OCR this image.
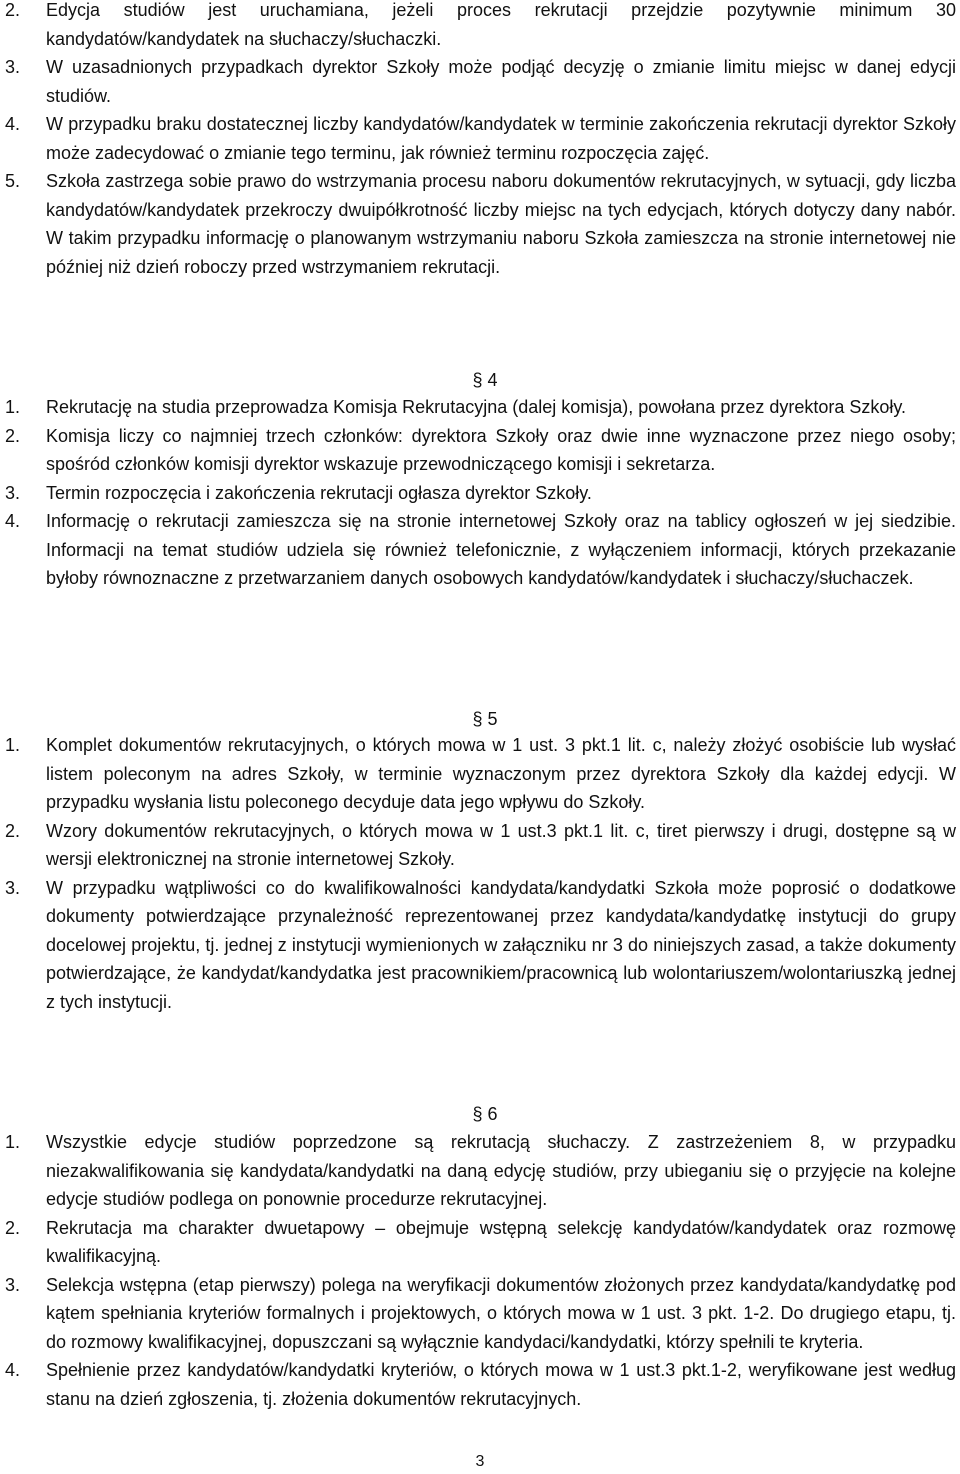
2. Edycja studiów jest uruchamiana, jeżeli proces rekrutacji przejdzie pozytywnie minimum 30 kandydatów/kandydatek na słuchaczy/słuchaczki.
3. W uzasadnionych przypadkach dyrektor Szkoły może podjąć decyzję o zmianie limitu miejsc w danej edycji studiów.
4. W przypadku braku dostatecznej liczby kandydatów/kandydatek w terminie zakończenia rekrutacji dyrektor Szkoły może zadecydować o zmianie tego terminu, jak również terminu rozpoczęcia zajęć.
5. Szkoła zastrzega sobie prawo do wstrzymania procesu naboru dokumentów rekrutacyjnych, w sytuacji, gdy liczba kandydatów/kandydatek przekroczy dwuipółkrotność liczby miejsc na tych edycjach, których dotyczy dany nabór. W takim przypadku informację o planowanym wstrzymaniu naboru Szkoła zamieszcza na stronie internetowej nie później niż dzień roboczy przed wstrzymaniem rekrutacji.
§ 4
1. Rekrutację na studia przeprowadza Komisja Rekrutacyjna (dalej komisja), powołana przez dyrektora Szkoły.
2. Komisja liczy co najmniej trzech członków: dyrektora Szkoły oraz dwie inne wyznaczone przez niego osoby; spośród członków komisji dyrektor wskazuje przewodniczącego komisji i sekretarza.
3. Termin rozpoczęcia i zakończenia rekrutacji ogłasza dyrektor Szkoły.
4. Informację o rekrutacji zamieszcza się na stronie internetowej Szkoły oraz na tablicy ogłoszeń w jej siedzibie. Informacji na temat studiów udziela się również telefonicznie, z wyłączeniem informacji, których przekazanie byłoby równoznaczne z przetwarzaniem danych osobowych kandydatów/kandydatek i słuchaczy/słuchaczek.
§ 5
1. Komplet dokumentów rekrutacyjnych, o których mowa w 1 ust. 3 pkt.1 lit. c, należy złożyć osobiście lub wysłać listem poleconym na adres Szkoły, w terminie wyznaczonym przez dyrektora Szkoły dla każdej edycji. W przypadku wysłania listu poleconego decyduje data jego wpływu do Szkoły.
2. Wzory dokumentów rekrutacyjnych, o których mowa w 1 ust.3 pkt.1 lit. c, tiret pierwszy i drugi, dostępne są w wersji elektronicznej na stronie internetowej Szkoły.
3. W przypadku wątpliwości co do kwalifikowalności kandydata/kandydatki Szkoła może poprosić o dodatkowe dokumenty potwierdzające przynależność reprezentowanej przez kandydata/kandydatkę instytucji do grupy docelowej projektu, tj. jednej z instytucji wymienionych w załączniku nr 3 do niniejszych zasad, a także dokumenty potwierdzające, że kandydat/kandydatka jest pracownikiem/pracownicą lub wolontariuszem/wolontariuszką jednej z tych instytucji.
§ 6
1. Wszystkie edycje studiów poprzedzone są rekrutacją słuchaczy. Z zastrzeżeniem 8, w przypadku niezakwalifikowania się kandydata/kandydatki na daną edycję studiów, przy ubieganiu się o przyjęcie na kolejne edycje studiów podlega on ponownie procedurze rekrutacyjnej.
2. Rekrutacja ma charakter dwuetapowy – obejmuje wstępną selekcję kandydatów/kandydatek oraz rozmowę kwalifikacyjną.
3. Selekcja wstępna (etap pierwszy) polega na weryfikacji dokumentów złożonych przez kandydata/kandydatkę pod kątem spełniania kryteriów formalnych i projektowych, o których mowa w 1 ust. 3 pkt. 1-2. Do drugiego etapu, tj. do rozmowy kwalifikacyjnej, dopuszczani są wyłącznie kandydaci/kandydatki, którzy spełnili te kryteria.
4. Spełnienie przez kandydatów/kandydatki kryteriów, o których mowa w 1 ust.3 pkt.1-2, weryfikowane jest według stanu na dzień zgłoszenia, tj. złożenia dokumentów rekrutacyjnych.
3
